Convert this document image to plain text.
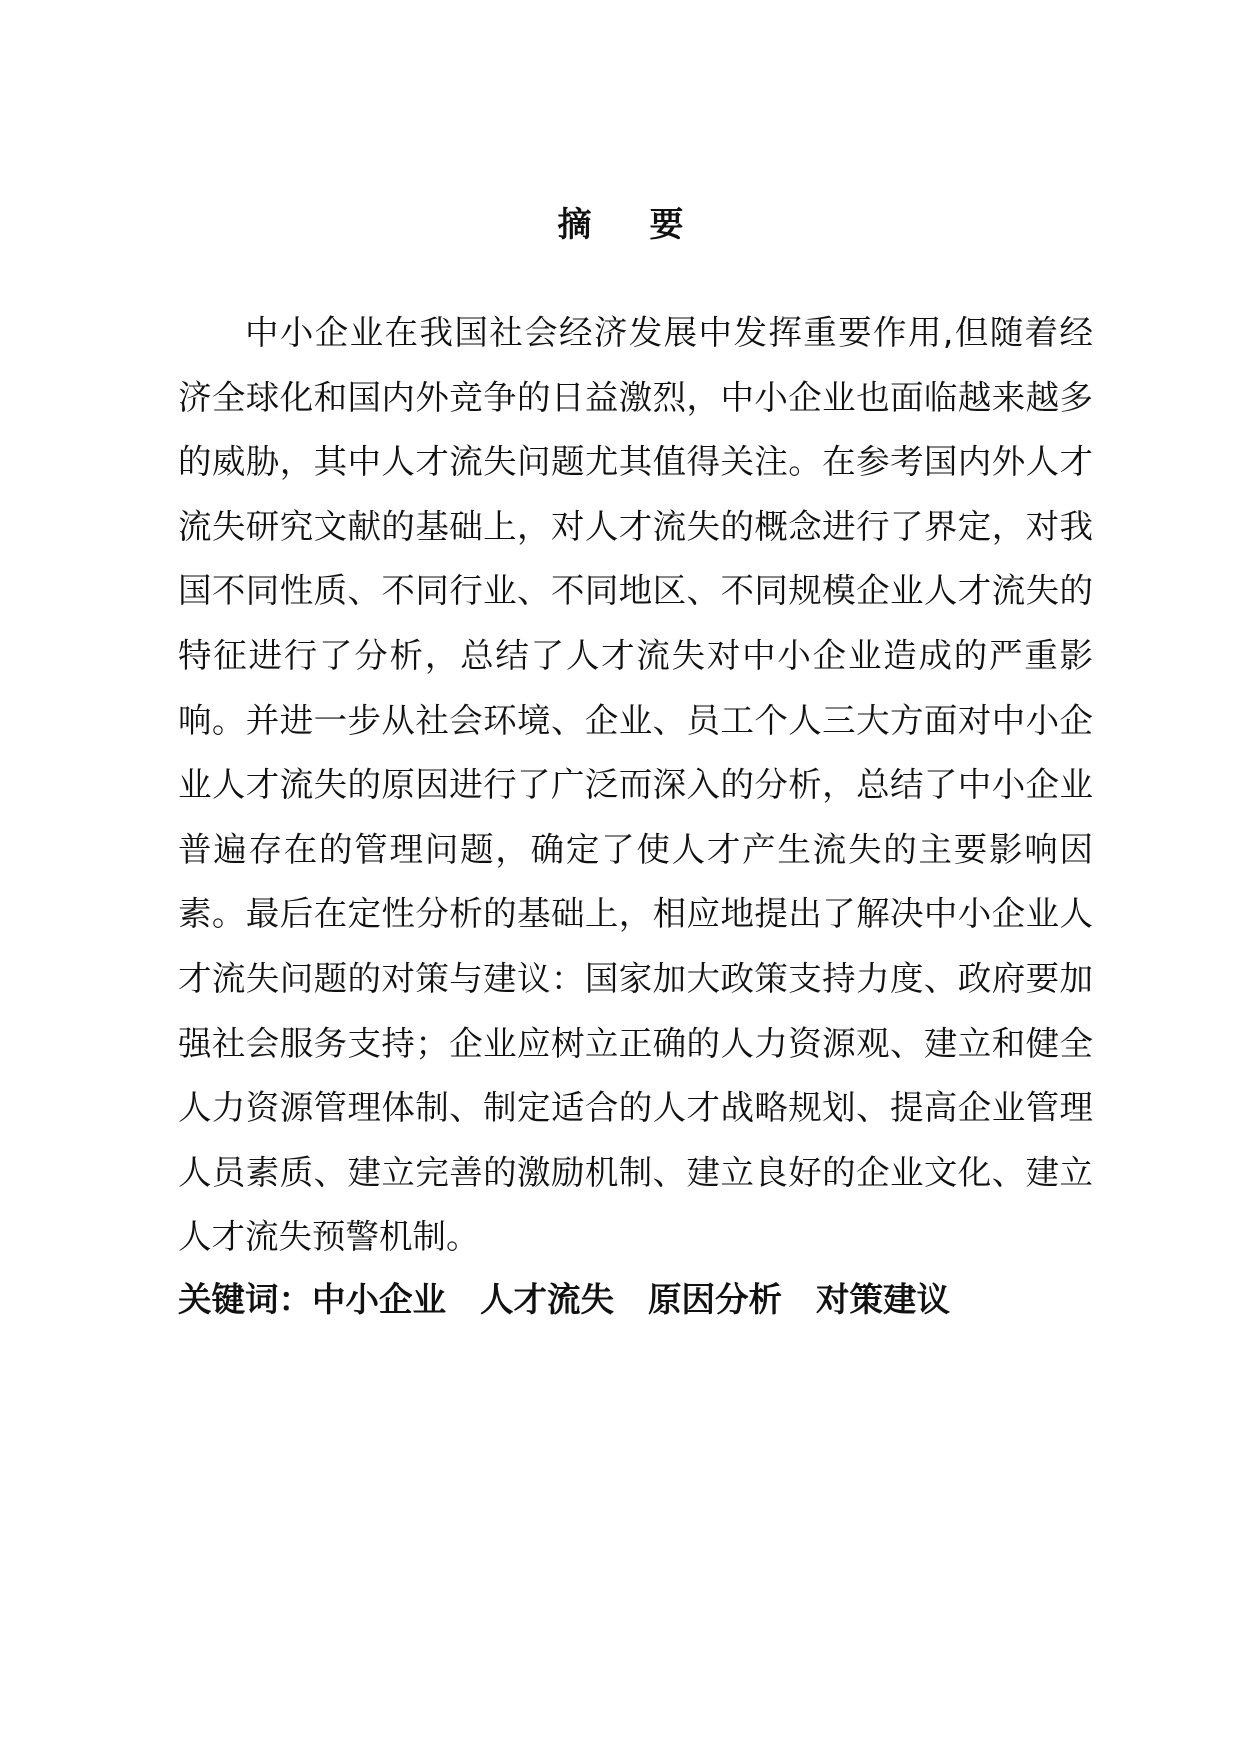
摘要

中小企业在我国社会经济发展中发挥重要作用,但随着经济全球化和国内外竞争的日益激烈，中小企业也面临越来越多的威胁，其中人才流失问题尤其值得关注。在参考国内外人才流失研究文献的基础上，对人才流失的概念进行了界定，对我国不同性质、不同行业、不同地区、不同规模企业人才流失的特征进行了分析，总结了人才流失对中小企业造成的严重影响。并进一步从社会环境、企业、员工个人三大方面对中小企业人才流失的原因进行了广泛而深入的分析，总结了中小企业普遍存在的管理问题，确定了使人才产生流失的主要影响因素。最后在定性分析的基础上，相应地提出了解决中小企业人才流失问题的对策与建议：国家加大政策支持力度、政府要加强社会服务支持；企业应树立正确的人力资源观、建立和健全人力资源管理体制、制定适合的人才战略规划、提高企业管理人员素质、建立完善的激励机制、建立良好的企业文化、建立人才流失预警机制。

关键词：中小企业 人才流失 原因分析 对策建议
